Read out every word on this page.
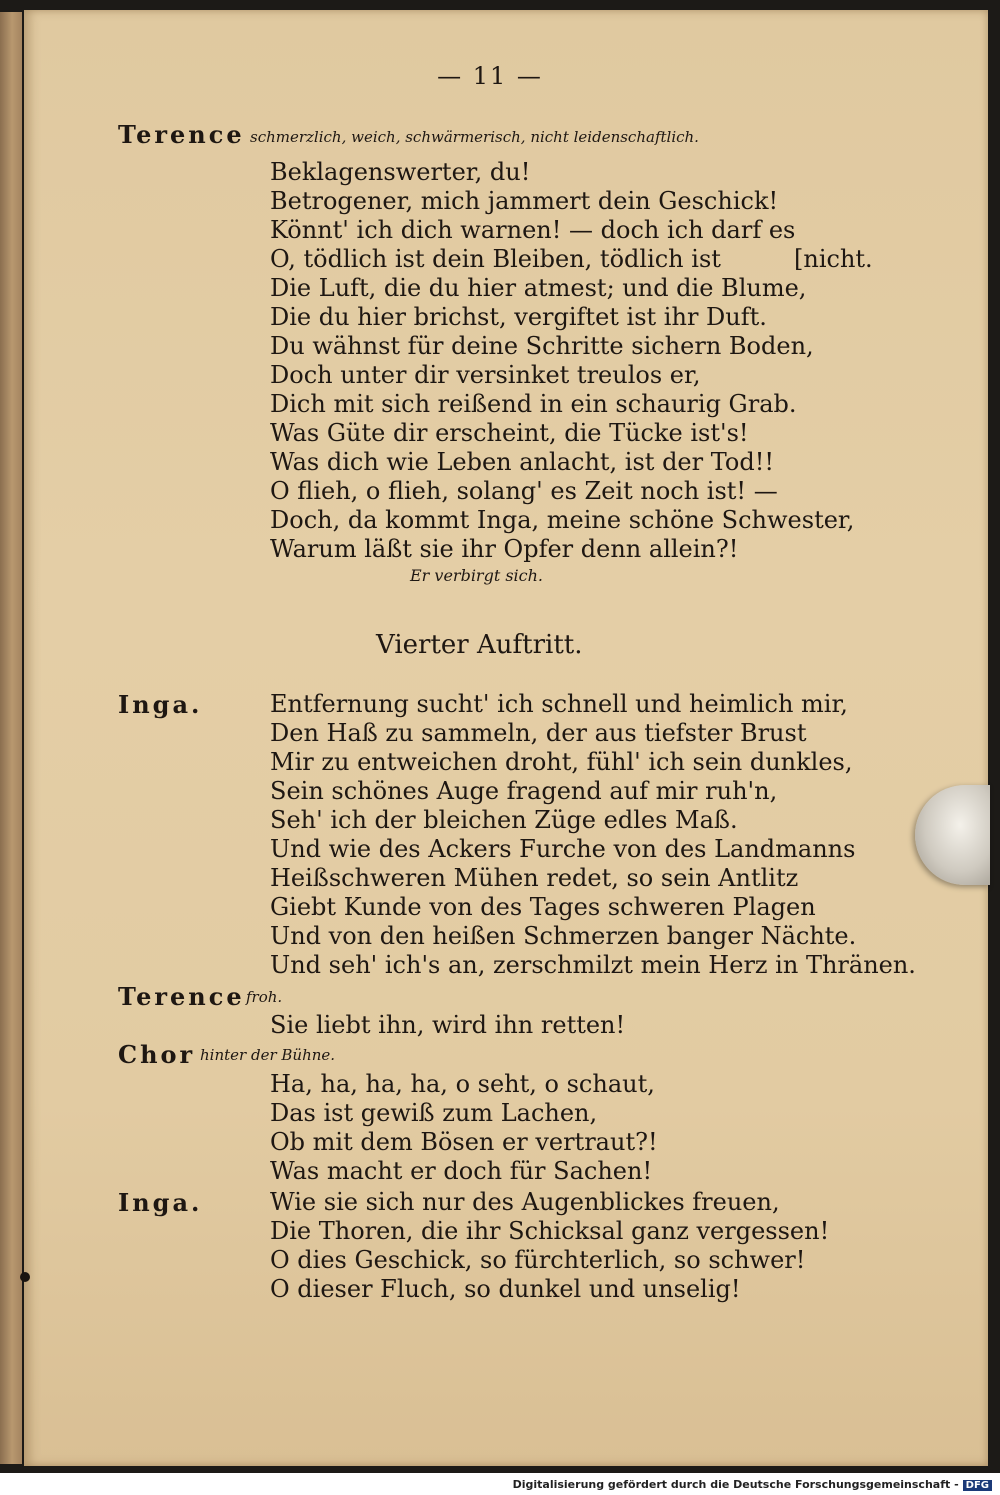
— 11 —
Terence schmerzlich, weich, schwärmerisch, nicht leidenschaftlich.
Beklagenswerter, du!
Betrogener, mich jammert dein Geschick!
Könnt' ich dich warnen! — doch ich darf es
O, tödlich ist dein Bleiben, tödlich ist
Die Luft, die du hier atmest; und die Blume,
Die du hier brichst, vergiftet ist ihr Duft.
Du wähnst für deine Schritte sichern Boden,
Doch unter dir versinket treulos er,
Dich mit sich reißend in ein schaurig Grab.
Was Güte dir erscheint, die Tücke ist's!
Was dich wie Leben anlacht, ist der Tod!!
O flieh, o flieh, solang' es Zeit noch ist! —
Doch, da kommt Inga, meine schöne Schwester,
Warum läßt sie ihr Opfer denn allein?!
[nicht.
Er verbirgt sich.
Vierter Auftritt.
Inga.	Entfernung sucht' ich schnell und heimlich mir,
Den Haß zu sammeln, der aus tiefster Brust
Mir zu entweichen droht, fühl' ich sein dunkles,
Sein schönes Auge fragend auf mir ruh'n,
Seh' ich der bleichen Züge edles Maß.
Und wie des Ackers Furche von des Landmanns
Heißschweren Mühen redet, so sein Antlitz
Giebt Kunde von des Tages schweren Plagen
Und von den heißen Schmerzen banger Nächte.
Und seh' ich's an, zerschmilzt mein Herz in Thränen.
Terence froh.
Sie liebt ihn, wird ihn retten!
Chor hinter der Bühne.
Ha, ha, ha, ha, o seht, o schaut,
Das ist gewiß zum Lachen,
Ob mit dem Bösen er vertraut?!
Was macht er doch für Sachen!
Inga.	Wie sie sich nur des Augenblickes freuen,
Die Thoren, die ihr Schicksal ganz vergessen!
O dies Geschick, so fürchterlich, so schwer!
O dieser Fluch, so dunkel und unselig!
Digitalisierung gefördert durch die Deutsche Forschungsgemeinschaft - DFG
